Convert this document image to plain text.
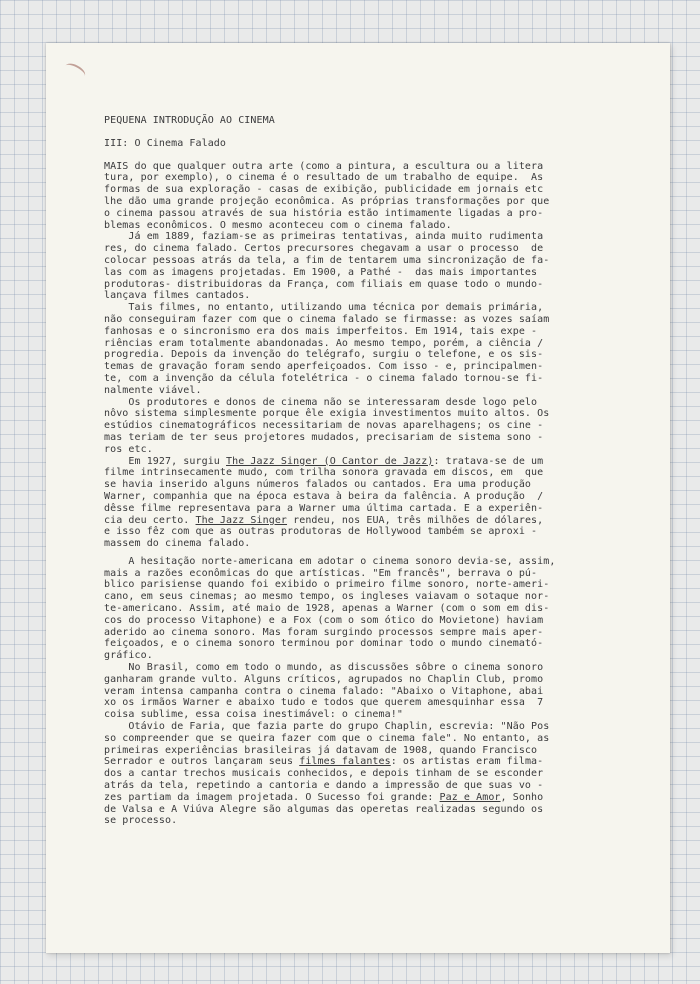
PEQUENA INTRODUÇÃO AO CINEMA
III: O Cinema Falado
MAIS do que qualquer outra arte (como a pintura, a escultura ou a litera
tura, por exemplo), o cinema é o resultado de um trabalho de equipe.  As
formas de sua exploração - casas de exibição, publicidade em jornais etc
lhe dão uma grande projeção econômica. As próprias transformações por que
o cinema passou através de sua história estão intimamente ligadas a pro-
blemas econômicos. O mesmo aconteceu com o cinema falado.
Já em 1889, faziam-se as primeiras tentativas, ainda muito rudimenta
res, do cinema falado. Certos precursores chegavam a usar o processo  de
colocar pessoas atrás da tela, a fim de tentarem uma sincronização de fa-
las com as imagens projetadas. Em 1900, a Pathé -  das mais importantes
produtoras- distribuidoras da França, com filiais em quase todo o mundo-
lançava filmes cantados.
Tais filmes, no entanto, utilizando uma técnica por demais primária,
não conseguiram fazer com que o cinema falado se firmasse: as vozes saíam
fanhosas e o sincronismo era dos mais imperfeitos. Em 1914, tais expe -
riências eram totalmente abandonadas. Ao mesmo tempo, porém, a ciência /
progredia. Depois da invenção do telégrafo, surgiu o telefone, e os sis-
temas de gravação foram sendo aperfeiçoados. Com isso - e, principalmen-
te, com a invenção da célula fotelétrica - o cinema falado tornou-se fi-
nalmente viável.
Os produtores e donos de cinema não se interessaram desde logo pelo
nôvo sistema simplesmente porque êle exigia investimentos muito altos. Os
estúdios cinematográficos necessitariam de novas aparelhagens; os cine -
mas teriam de ter seus projetores mudados, precisariam de sistema sono -
ros etc.
Em 1927, surgiu The Jazz Singer (O Cantor de Jazz): tratava-se de um
filme intrinsecamente mudo, com trilha sonora gravada em discos, em  que
se havia inserido alguns números falados ou cantados. Era uma produção
Warner, companhia que na época estava à beira da falência. A produção  /
dêsse filme representava para a Warner uma última cartada. E a experiên-
cia deu certo. The Jazz Singer rendeu, nos EUA, três milhões de dólares,
e isso fêz com que as outras produtoras de Hollywood também se aproxi -
massem do cinema falado.
A hesitação norte-americana em adotar o cinema sonoro devia-se, assim,
mais a razões econômicas do que artísticas. "Em francês", berrava o pú-
blico parisiense quando foi exibido o primeiro filme sonoro, norte-ameri-
cano, em seus cinemas; ao mesmo tempo, os ingleses vaiavam o sotaque nor-
te-americano. Assim, até maio de 1928, apenas a Warner (com o som em dis-
cos do processo Vitaphone) e a Fox (com o som ótico do Movietone) haviam
aderido ao cinema sonoro. Mas foram surgindo processos sempre mais aper-
feiçoados, e o cinema sonoro terminou por dominar todo o mundo cinemató-
gráfico.
No Brasil, como em todo o mundo, as discussões sôbre o cinema sonoro
ganharam grande vulto. Alguns críticos, agrupados no Chaplin Club, promo
veram intensa campanha contra o cinema falado: "Abaixo o Vitaphone, abai
xo os irmãos Warner e abaixo tudo e todos que querem amesquinhar essa  7
coisa sublime, essa coisa inestimável: o cinema!"
Otávio de Faria, que fazia parte do grupo Chaplin, escrevia: "Não Pos
so compreender que se queira fazer com que o cinema fale". No entanto, as
primeiras experiências brasileiras já datavam de 1908, quando Francisco
Serrador e outros lançaram seus filmes falantes: os artistas eram filma-
dos a cantar trechos musicais conhecidos, e depois tinham de se esconder
atrás da tela, repetindo a cantoria e dando a impressão de que suas vo -
zes partiam da imagem projetada. O Sucesso foi grande: Paz e Amor, Sonho
de Valsa e A Viúva Alegre são algumas das operetas realizadas segundo os
se processo.
